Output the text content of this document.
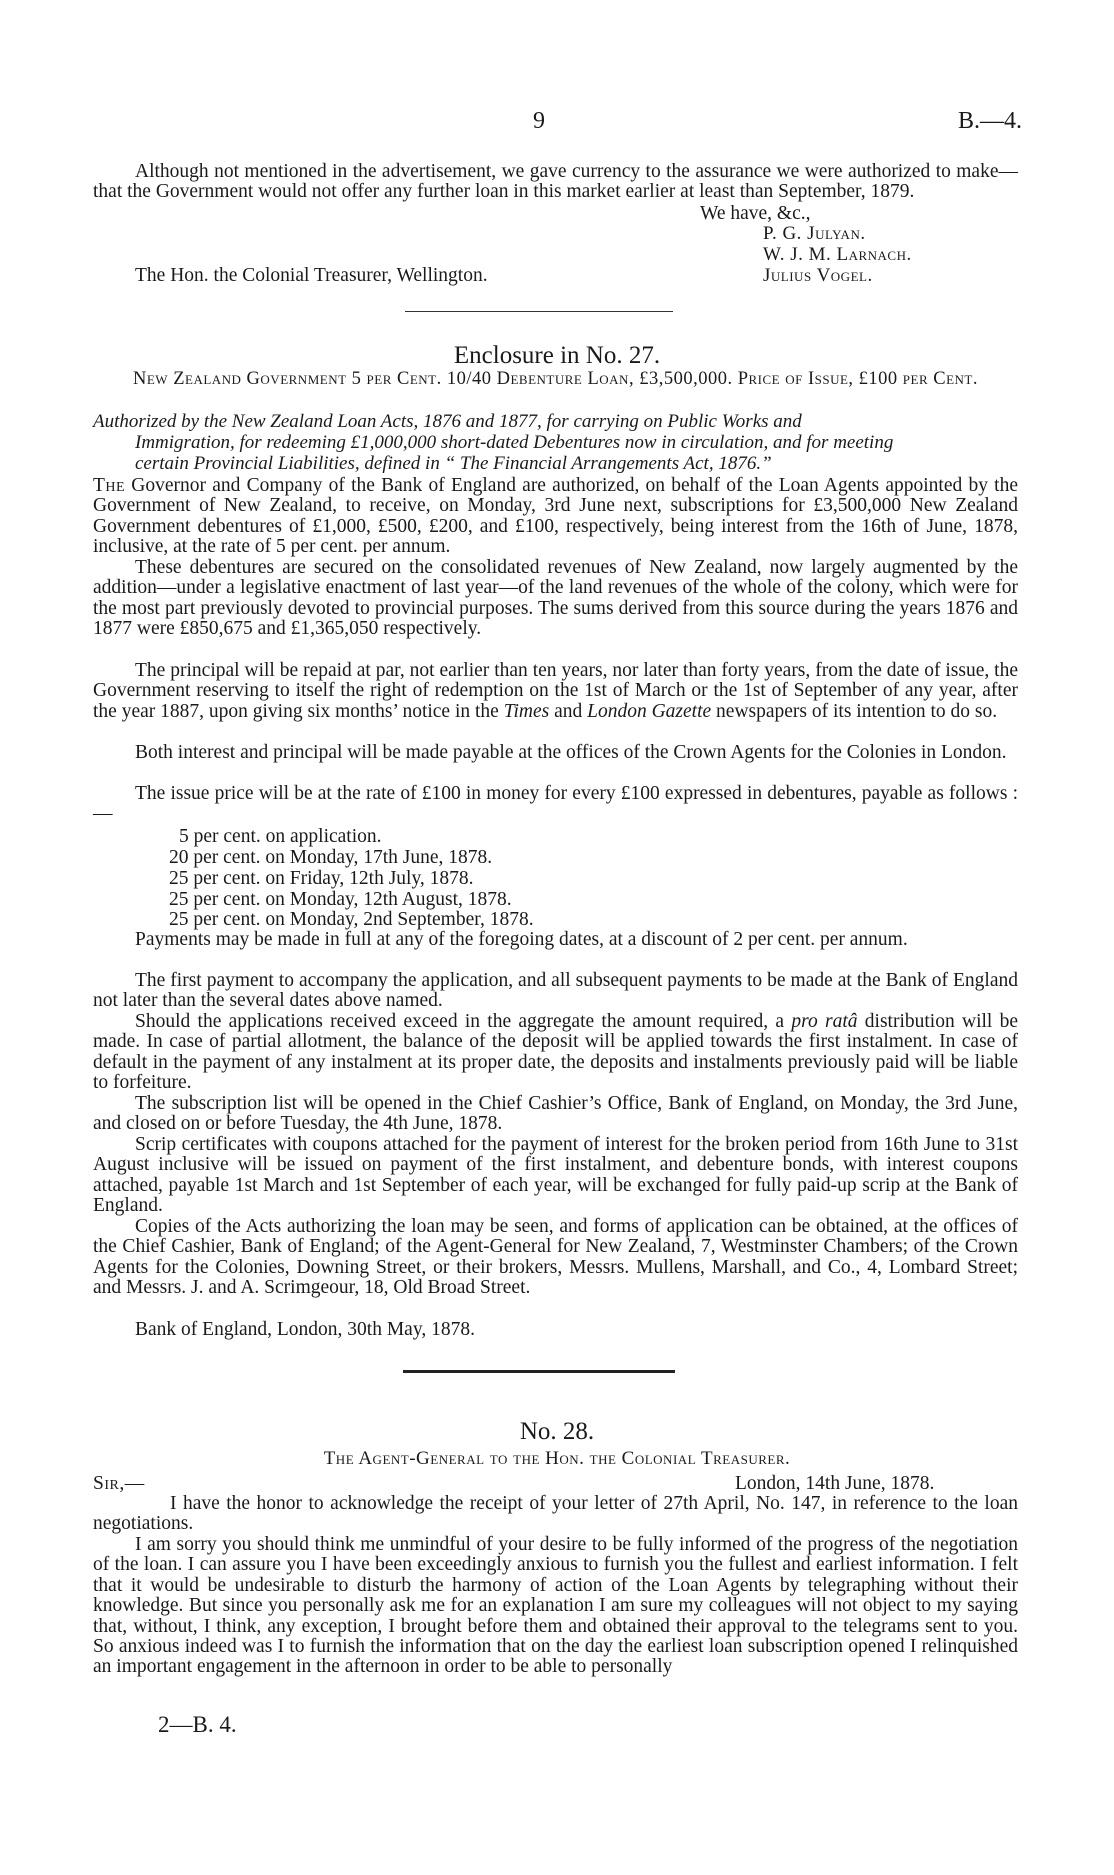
9	B.—4.
Although not mentioned in the advertisement, we gave currency to the assurance we were authorized to make—that the Government would not offer any further loan in this market earlier at least than September, 1879.
We have, &c.,
P. G. Julyan.
W. J. M. Larnach.
Julius Vogel.
The Hon. the Colonial Treasurer, Wellington.
Enclosure in No. 27.
New Zealand Government 5 per Cent. 10/40 Debenture Loan, £3,500,000. Price of Issue, £100 per Cent.
Authorized by the New Zealand Loan Acts, 1876 and 1877, for carrying on Public Works and
Immigration, for redeeming £1,000,000 short-dated Debentures now in circulation, and for meeting
certain Provincial Liabilities, defined in “ The Financial Arrangements Act, 1876.”
The Governor and Company of the Bank of England are authorized, on behalf of the Loan Agents appointed by the Government of New Zealand, to receive, on Monday, 3rd June next, subscriptions for £3,500,000 New Zealand Government debentures of £1,000, £500, £200, and £100, respectively, being interest from the 16th of June, 1878, inclusive, at the rate of 5 per cent. per annum.
These debentures are secured on the consolidated revenues of New Zealand, now largely augmented by the addition—under a legislative enactment of last year—of the land revenues of the whole of the colony, which were for the most part previously devoted to provincial purposes. The sums derived from this source during the years 1876 and 1877 were £850,675 and £1,365,050 respectively.
The principal will be repaid at par, not earlier than ten years, nor later than forty years, from the date of issue, the Government reserving to itself the right of redemption on the 1st of March or the 1st of September of any year, after the year 1887, upon giving six months’ notice in the Times and London Gazette newspapers of its intention to do so.
Both interest and principal will be made payable at the offices of the Crown Agents for the Colonies in London.
The issue price will be at the rate of £100 in money for every £100 expressed in debentures, payable as follows :—
5 per cent. on application.
20 per cent. on Monday, 17th June, 1878.
25 per cent. on Friday, 12th July, 1878.
25 per cent. on Monday, 12th August, 1878.
25 per cent. on Monday, 2nd September, 1878.
Payments may be made in full at any of the foregoing dates, at a discount of 2 per cent. per annum.
The first payment to accompany the application, and all subsequent payments to be made at the Bank of England not later than the several dates above named.
Should the applications received exceed in the aggregate the amount required, a pro ratâ distribution will be made. In case of partial allotment, the balance of the deposit will be applied towards the first instalment. In case of default in the payment of any instalment at its proper date, the deposits and instalments previously paid will be liable to forfeiture.
The subscription list will be opened in the Chief Cashier’s Office, Bank of England, on Monday, the 3rd June, and closed on or before Tuesday, the 4th June, 1878.
Scrip certificates with coupons attached for the payment of interest for the broken period from 16th June to 31st August inclusive will be issued on payment of the first instalment, and debenture bonds, with interest coupons attached, payable 1st March and 1st September of each year, will be exchanged for fully paid-up scrip at the Bank of England.
Copies of the Acts authorizing the loan may be seen, and forms of application can be obtained, at the offices of the Chief Cashier, Bank of England; of the Agent-General for New Zealand, 7, Westminster Chambers; of the Crown Agents for the Colonies, Downing Street, or their brokers, Messrs. Mullens, Marshall, and Co., 4, Lombard Street; and Messrs. J. and A. Scrimgeour, 18, Old Broad Street.
Bank of England, London, 30th May, 1878.
No. 28.
The Agent-General to the Hon. the Colonial Treasurer.
Sir,—	London, 14th June, 1878.
I have the honor to acknowledge the receipt of your letter of 27th April, No. 147, in reference to the loan negotiations.
I am sorry you should think me unmindful of your desire to be fully informed of the progress of the negotiation of the loan. I can assure you I have been exceedingly anxious to furnish you the fullest and earliest information. I felt that it would be undesirable to disturb the harmony of action of the Loan Agents by telegraphing without their knowledge. But since you personally ask me for an explanation I am sure my colleagues will not object to my saying that, without, I think, any exception, I brought before them and obtained their approval to the telegrams sent to you. So anxious indeed was I to furnish the information that on the day the earliest loan subscription opened I relinquished an important engagement in the afternoon in order to be able to personally
2—B. 4.
